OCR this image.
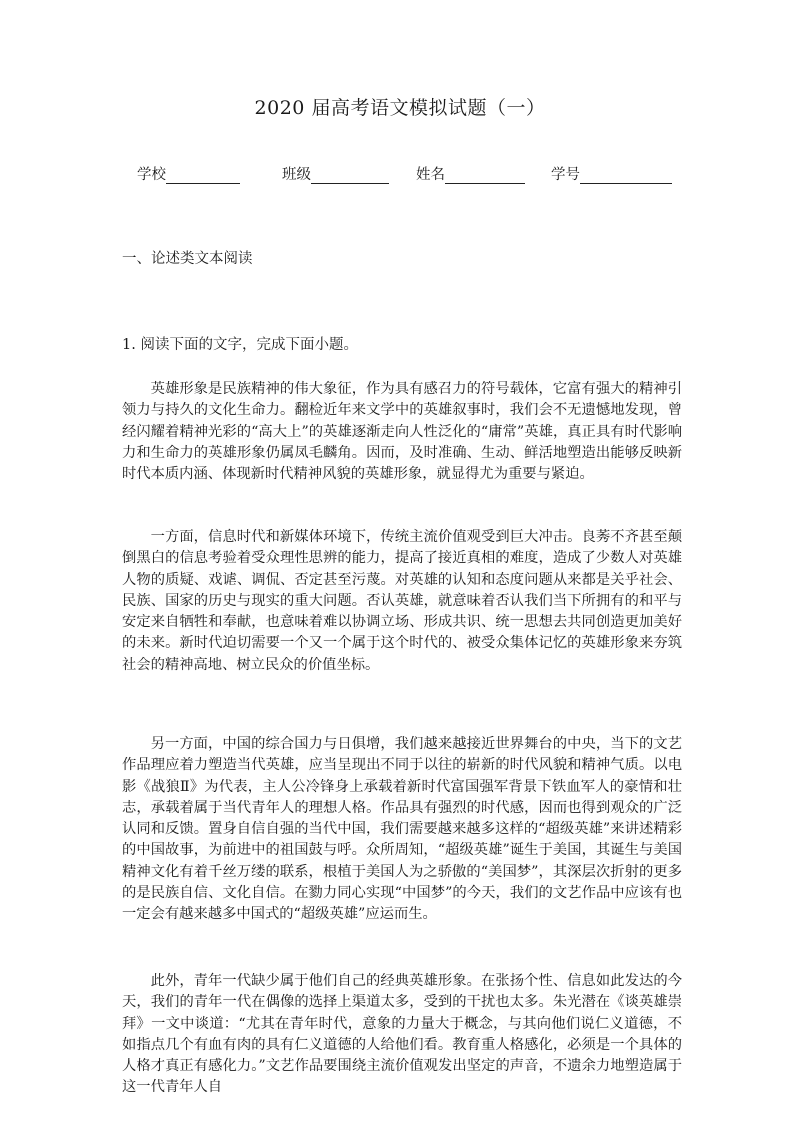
2020 届高考语文模拟试题（一）
学校	班级	姓名	学号
一、论述类文本阅读
1. 阅读下面的文字，完成下面小题。

英雄形象是民族精神的伟大象征，作为具有感召力的符号载体，它富有强大的精神引领力与持久的文化生命力。翻检近年来文学中的英雄叙事时，我们会不无遗憾地发现，曾经闪耀着精神光彩的“高大上”的英雄逐渐走向人性泛化的“庸常”英雄，真正具有时代影响力和生命力的英雄形象仍属凤毛麟角。因而，及时准确、生动、鲜活地塑造出能够反映新时代本质内涵、体现新时代精神风貌的英雄形象，就显得尤为重要与紧迫。

一方面，信息时代和新媒体环境下，传统主流价值观受到巨大冲击。良莠不齐甚至颠倒黑白的信息考验着受众理性思辨的能力，提高了接近真相的难度，造成了少数人对英雄人物的质疑、戏谑、调侃、否定甚至污蔑。对英雄的认知和态度问题从来都是关乎社会、民族、国家的历史与现实的重大问题。否认英雄，就意味着否认我们当下所拥有的和平与安定来自牺牲和奉献，也意味着难以协调立场、形成共识、统一思想去共同创造更加美好的未来。新时代迫切需要一个又一个属于这个时代的、被受众集体记忆的英雄形象来夯筑社会的精神高地、树立民众的价值坐标。

另一方面，中国的综合国力与日俱增，我们越来越接近世界舞台的中央，当下的文艺作品理应着力塑造当代英雄，应当呈现出不同于以往的崭新的时代风貌和精神气质。以电影《战狼Ⅱ》为代表，主人公冷锋身上承载着新时代富国强军背景下铁血军人的豪情和壮志，承载着属于当代青年人的理想人格。作品具有强烈的时代感，因而也得到观众的广泛认同和反馈。置身自信自强的当代中国，我们需要越来越多这样的“超级英雄”来讲述精彩的中国故事，为前进中的祖国鼓与呼。众所周知，“超级英雄”诞生于美国，其诞生与美国精神文化有着千丝万缕的联系，根植于美国人为之骄傲的“美国梦”，其深层次折射的更多的是民族自信、文化自信。在勠力同心实现“中国梦”的今天，我们的文艺作品中应该有也一定会有越来越多中国式的“超级英雄”应运而生。

此外，青年一代缺少属于他们自己的经典英雄形象。在张扬个性、信息如此发达的今天，我们的青年一代在偶像的选择上渠道太多，受到的干扰也太多。朱光潜在《谈英雄崇拜》一文中谈道：“尤其在青年时代，意象的力量大于概念，与其向他们说仁义道德，不如指点几个有血有肉的具有仁义道德的人给他们看。教育重人格感化，必须是一个具体的人格才真正有感化力。”文艺作品要围绕主流价值观发出坚定的声音，不遗余力地塑造属于这一代青年人自
